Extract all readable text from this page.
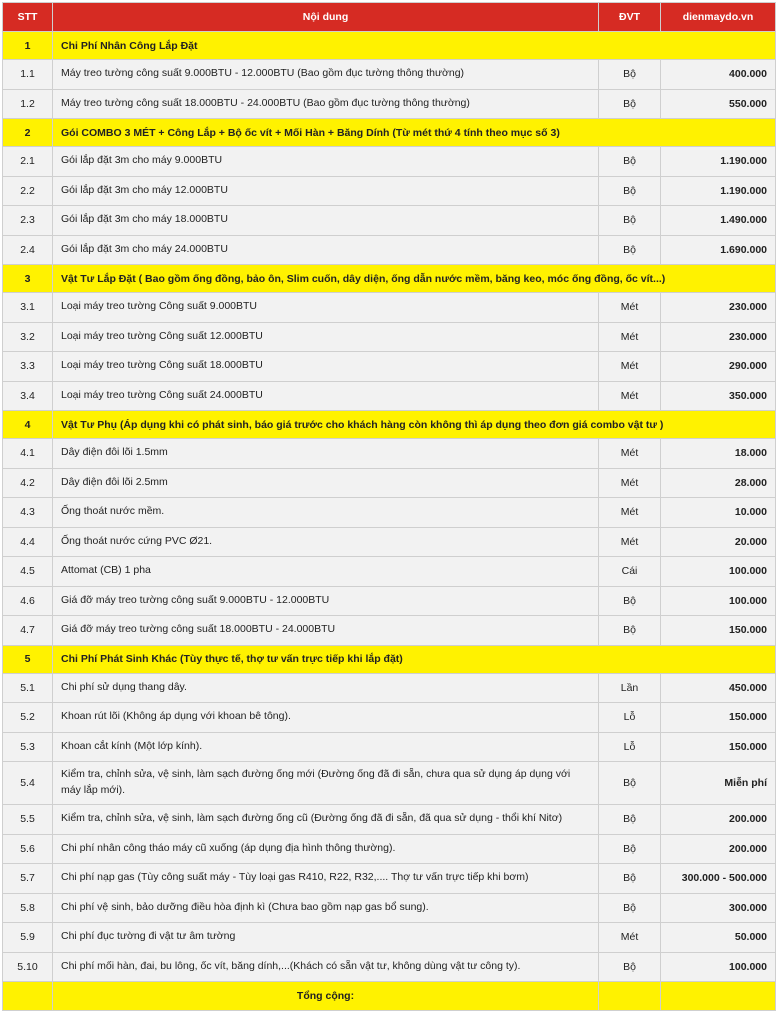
STT	Nội dung	ĐVT	dienmaydo.vn
1	Chi Phí Nhân Công Lắp Đặt		
1.1	Máy treo tường công suất 9.000BTU - 12.000BTU (Bao gồm đục tường thông thường)	Bộ	400.000
1.2	Máy treo tường công suất 18.000BTU - 24.000BTU (Bao gồm đục tường thông thường)	Bộ	550.000
2	Gói COMBO 3 MÉT + Công Lắp + Bộ ốc vít + Mối Hàn + Băng Dính (Từ mét thứ 4 tính theo mục số 3)		
2.1	Gói lắp đặt 3m cho máy 9.000BTU	Bộ	1.190.000
2.2	Gói lắp đặt 3m cho máy 12.000BTU	Bộ	1.190.000
2.3	Gói lắp đặt 3m cho máy 18.000BTU	Bộ	1.490.000
2.4	Gói lắp đặt 3m cho máy 24.000BTU	Bộ	1.690.000
3	Vật Tư Lắp Đặt ( Bao gồm ống đồng, bảo ôn, Slim cuốn, dây diện, ống dẫn nước mềm, băng keo, móc ống đồng, ốc vít...)		
3.1	Loại máy treo tường Công suất 9.000BTU	Mét	230.000
3.2	Loại máy treo tường Công suất 12.000BTU	Mét	230.000
3.3	Loại máy treo tường Công suất 18.000BTU	Mét	290.000
3.4	Loại máy treo tường Công suất 24.000BTU	Mét	350.000
4	Vật Tư Phụ (Áp dụng khi có phát sinh, báo giá trước cho khách hàng còn không thì áp dụng theo đơn giá combo vật tư )		
4.1	Dây điện đôi lõi 1.5mm	Mét	18.000
4.2	Dây điện đôi lõi 2.5mm	Mét	28.000
4.3	Ống thoát nước mềm.	Mét	10.000
4.4	Ống thoát nước cứng PVC Ø21.	Mét	20.000
4.5	Attomat (CB) 1 pha	Cái	100.000
4.6	Giá đỡ máy treo tường công suất 9.000BTU - 12.000BTU	Bộ	100.000
4.7	Giá đỡ máy treo tường công suất 18.000BTU - 24.000BTU	Bộ	150.000
5	Chi Phí Phát Sinh Khác (Tùy thực tế, thợ tư vấn trực tiếp khi lắp đặt)		
5.1	Chi phí sử dụng thang dây.	Lần	450.000
5.2	Khoan rút lõi (Không áp dụng với khoan bê tông).	Lỗ	150.000
5.3	Khoan cắt kính (Một lớp kính).	Lỗ	150.000
5.4	Kiểm tra, chỉnh sửa, vệ sinh, làm sạch đường ống mới (Đường ống đã đi sẵn, chưa qua sử dụng áp dụng với máy lắp mới).	Bộ	Miễn phí
5.5	Kiểm tra, chỉnh sửa, vệ sinh, làm sạch đường ống cũ (Đường ống đã đi sẵn, đã qua sử dụng - thổi khí Nitơ)	Bộ	200.000
5.6	Chi phí nhân công tháo máy cũ xuống (áp dụng địa hình thông thường).	Bộ	200.000
5.7	Chi phí nạp gas (Tùy công suất máy - Tùy loại gas R410, R22, R32,.... Thợ tư vấn trực tiếp khi bơm)	Bộ	300.000 - 500.000
5.8	Chi phí vệ sinh, bảo dưỡng điều hòa định kì (Chưa bao gồm nạp gas bổ sung).	Bộ	300.000
5.9	Chi phí đục tường đi vật tư âm tường	Mét	50.000
5.10	Chi phí mối hàn, đai, bu lông, ốc vít, băng dính,...(Khách có sẵn vật tư, không dùng vật tư công ty).	Bộ	100.000
	Tổng cộng:		
